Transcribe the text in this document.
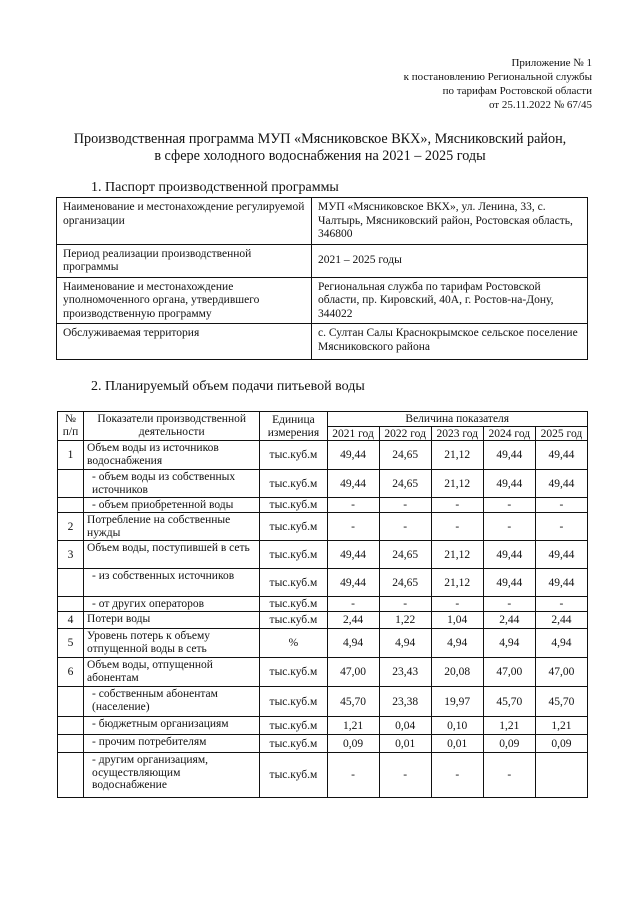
Приложение № 1
к постановлению Региональной службы
по тарифам Ростовской области
от 25.11.2022 № 67/45
Производственная программа МУП «Мясниковское ВКХ», Мясниковский район,
в сфере холодного водоснабжения на 2021 – 2025 годы
1. Паспорт производственной программы
Наименование и местонахождение регулируемой организации	МУП «Мясниковское ВКХ», ул. Ленина, 33, с. Чалтырь, Мясниковский район, Ростовская область, 346800
Период реализации производственной программы	2021 – 2025 годы
Наименование и местонахождение уполномоченного органа, утвердившего производственную программу	Региональная служба по тарифам Ростовской области, пр. Кировский, 40А, г. Ростов-на-Дону, 344022
Обслуживаемая территория	с. Султан Салы Краснокрымское сельское поселение Мясниковского района
2. Планируемый объем подачи питьевой воды
№ п/п	Показатели производственной деятельности	Единица измерения	Величина показателя				
			2021 год	2022 год	2023 год	2024 год	2025 год
1	Объем воды из источников водоснабжения	тыс.куб.м	49,44	24,65	21,12	49,44	49,44
	- объем воды из собственных источников	тыс.куб.м	49,44	24,65	21,12	49,44	49,44
	- объем приобретенной воды	тыс.куб.м	-	-	-	-	-
2	Потребление на собственные нужды	тыс.куб.м	-	-	-	-	-
3	Объем воды, поступившей в сеть	тыс.куб.м	49,44	24,65	21,12	49,44	49,44
	- из собственных источников	тыс.куб.м	49,44	24,65	21,12	49,44	49,44
	- от других операторов	тыс.куб.м	-	-	-	-	-
4	Потери воды	тыс.куб.м	2,44	1,22	1,04	2,44	2,44
5	Уровень потерь к объему отпущенной воды в сеть	%	4,94	4,94	4,94	4,94	4,94
6	Объем воды, отпущенной абонентам	тыс.куб.м	47,00	23,43	20,08	47,00	47,00
	- собственным абонентам (население)	тыс.куб.м	45,70	23,38	19,97	45,70	45,70
	- бюджетным организациям	тыс.куб.м	1,21	0,04	0,10	1,21	1,21
	- прочим потребителям	тыс.куб.м	0,09	0,01	0,01	0,09	0,09
	- другим организациям, осуществляющим водоснабжение	тыс.куб.м	-	-	-	-	
